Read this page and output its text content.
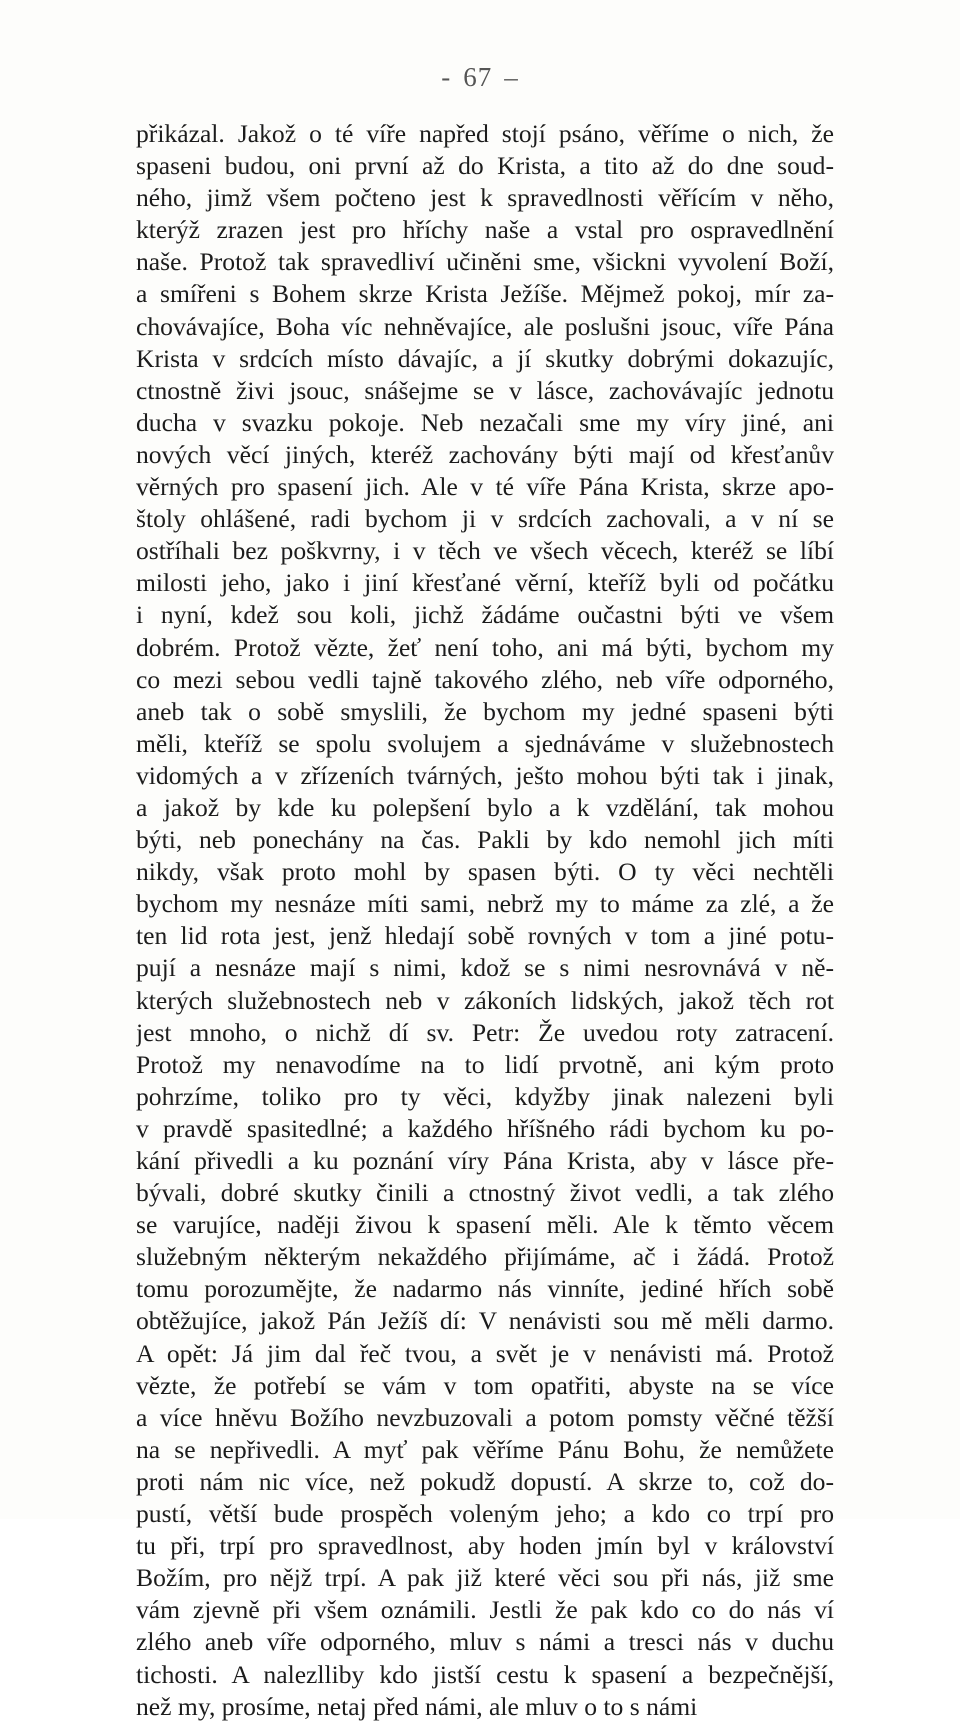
- 67 –
přikázal. Jakož o té víře napřed stojí psáno, věříme o nich, že
spaseni budou, oni první až do Krista, a tito až do dne soud-
ného, jimž všem počteno jest k spravedlnosti věřícím v něho,
kterýž zrazen jest pro hříchy naše a vstal pro ospravedlnění
naše. Protož tak spravedliví učiněni sme, všickni vyvolení Boží,
a smířeni s Bohem skrze Krista Ježíše. Mějmež pokoj, mír za-
chovávajíce, Boha víc nehněvajíce, ale poslušni jsouc, víře Pána
Krista v srdcích místo dávajíc, a jí skutky dobrými dokazujíc,
ctnostně živi jsouc, snášejme se v lásce, zachovávajíc jednotu
ducha v svazku pokoje. Neb nezačali sme my víry jiné, ani
nových věcí jiných, kteréž zachovány býti mají od křesťanův
věrných pro spasení jich. Ale v té víře Pána Krista, skrze apo-
štoly ohlášené, radi bychom ji v srdcích zachovali, a v ní se
ostříhali bez poškvrny, i v těch ve všech věcech, kteréž se líbí
milosti jeho, jako i jiní křesťané věrní, kteříž byli od počátku
i nyní, kdež sou koli, jichž žádáme oučastni býti ve všem
dobrém. Protož vězte, žeť není toho, ani má býti, bychom my
co mezi sebou vedli tajně takového zlého, neb víře odporného,
aneb tak o sobě smyslili, že bychom my jedné spaseni býti
měli, kteříž se spolu svolujem a sjednáváme v služebnostech
vidomých a v zřízeních tvárných, ješto mohou býti tak i jinak,
a jakož by kde ku polepšení bylo a k vzdělání, tak mohou
býti, neb ponechány na čas. Pakli by kdo nemohl jich míti
nikdy, však proto mohl by spasen býti. O ty věci nechtěli
bychom my nesnáze míti sami, nebrž my to máme za zlé, a že
ten lid rota jest, jenž hledají sobě rovných v tom a jiné potu-
pují a nesnáze mají s nimi, kdož se s nimi nesrovnává v ně-
kterých služebnostech neb v zákoních lidských, jakož těch rot
jest mnoho, o nichž dí sv. Petr: Že uvedou roty zatracení.
Protož my nenavodíme na to lidí prvotně, ani kým proto
pohrzíme, toliko pro ty věci, kdyžby jinak nalezeni byli
v pravdě spasitedlné; a každého hříšného rádi bychom ku po-
kání přivedli a ku poznání víry Pána Krista, aby v lásce pře-
bývali, dobré skutky činili a ctnostný život vedli, a tak zlého
se varujíce, naději živou k spasení měli. Ale k těmto věcem
služebným některým nekaždého přijímáme, ač i žádá. Protož
tomu porozumějte, že nadarmo nás vinníte, jediné hřích sobě
obtěžujíce, jakož Pán Ježíš dí: V nenávisti sou mě měli darmo.
A opět: Já jim dal řeč tvou, a svět je v nenávisti má. Protož
vězte, že potřebí se vám v tom opatřiti, abyste na se více
a více hněvu Božího nevzbuzovali a potom pomsty věčné těžší
na se nepřivedli. A myť pak věříme Pánu Bohu, že nemůžete
proti nám nic více, než pokudž dopustí. A skrze to, což do-
pustí, větší bude prospěch voleným jeho; a kdo co trpí pro
tu při, trpí pro spravedlnost, aby hoden jmín byl v království
Božím, pro nějž trpí. A pak již které věci sou při nás, již sme
vám zjevně při všem oznámili. Jestli že pak kdo co do nás ví
zlého aneb víře odporného, mluv s námi a tresci nás v duchu
tichosti. A nalezlliby kdo jistší cestu k spasení a bezpečnější,
než my, prosíme, netaj před námi, ale mluv o to s námi
